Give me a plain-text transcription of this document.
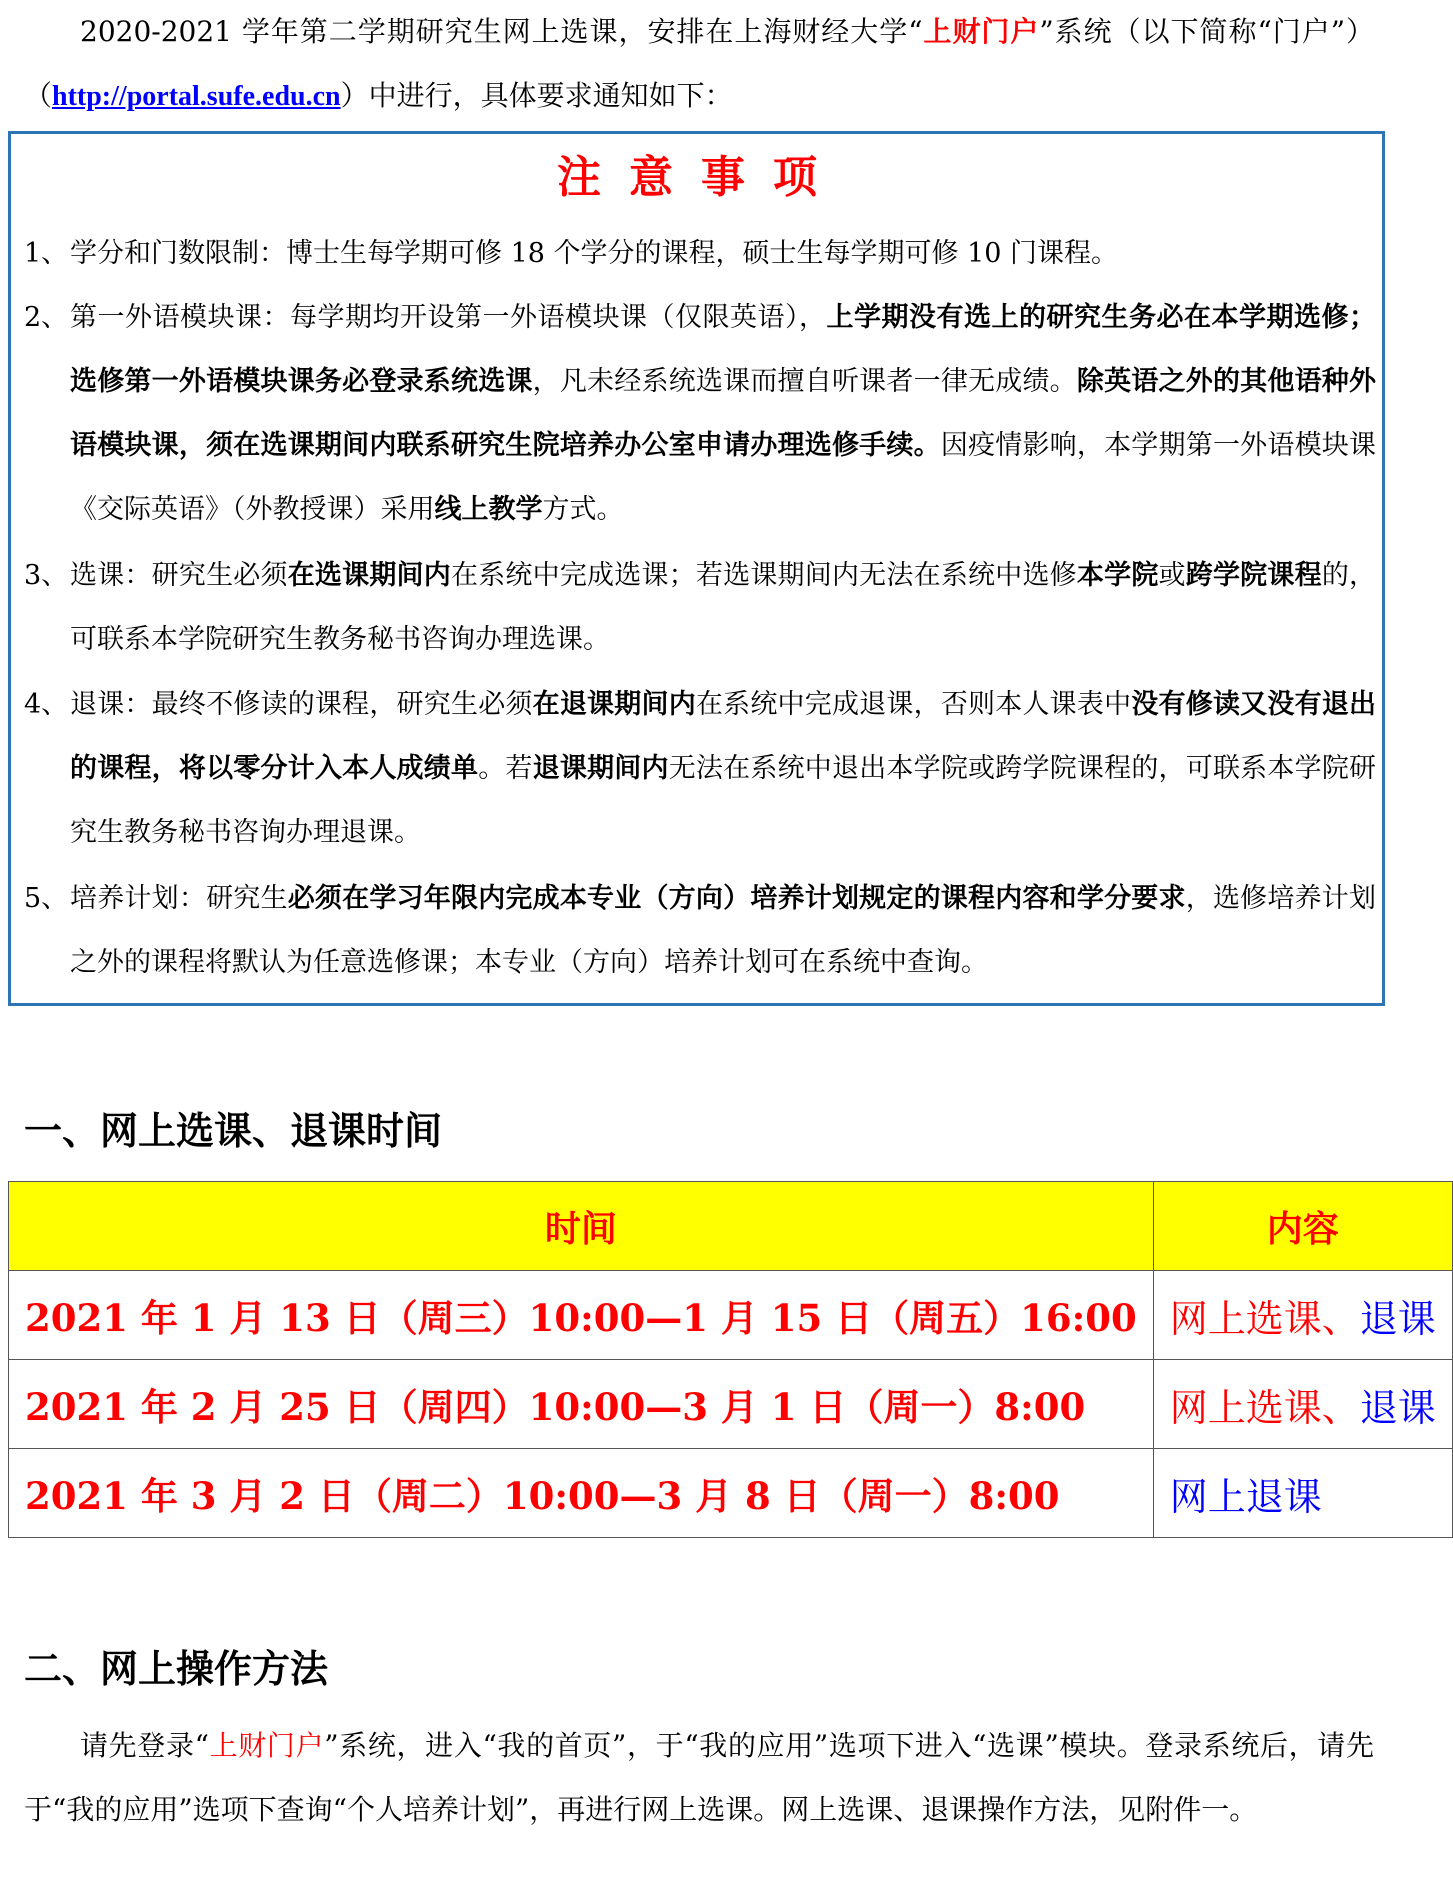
2020-2021 学年第二学期研究生网上选课，安排在上海财经大学“上财门户”系统（以下简称“门户”）（http://portal.sufe.edu.cn）中进行，具体要求通知如下：

注意事项

1、 学分和门数限制：博士生每学期可修 18 个学分的课程，硕士生每学期可修 10 门课程。
2、 第一外语模块课：每学期均开设第一外语模块课（仅限英语），上学期没有选上的研究生务必在本学期选修；选修第一外语模块课务必登录系统选课，凡未经系统选课而擅自听课者一律无成绩。除英语之外的其他语种外语模块课，须在选课期间内联系研究生院培养办公室申请办理选修手续。因疫情影响，本学期第一外语模块课《交际英语》（外教授课）采用线上教学方式。
3、 选课：研究生必须在选课期间内在系统中完成选课；若选课期间内无法在系统中选修本学院或跨学院课程的，可联系本学院研究生教务秘书咨询办理选课。
4、 退课：最终不修读的课程，研究生必须在退课期间内在系统中完成退课，否则本人课表中没有修读又没有退出的课程，将以零分计入本人成绩单。若退课期间内无法在系统中退出本学院或跨学院课程的，可联系本学院研究生教务秘书咨询办理退课。
5、 培养计划：研究生必须在学习年限内完成本专业（方向）培养计划规定的课程内容和学分要求，选修培养计划之外的课程将默认为任意选修课；本专业（方向）培养计划可在系统中查询。
一、网上选课、退课时间
时间	内容
2021 年 1 月 13 日（周三）10:00—1 月 15 日（周五）16:00	网上选课、退课
2021 年 2 月 25 日（周四）10:00—3 月 1 日（周一）8:00	网上选课、退课
2021 年 3 月 2 日（周二）10:00—3 月 8 日（周一）8:00	网上退课
二、网上操作方法

请先登录“上财门户”系统，进入“我的首页”，于“我的应用”选项下进入“选课”模块。登录系统后，请先于“我的应用”选项下查询“个人培养计划”，再进行网上选课。网上选课、退课操作方法，见附件一。
